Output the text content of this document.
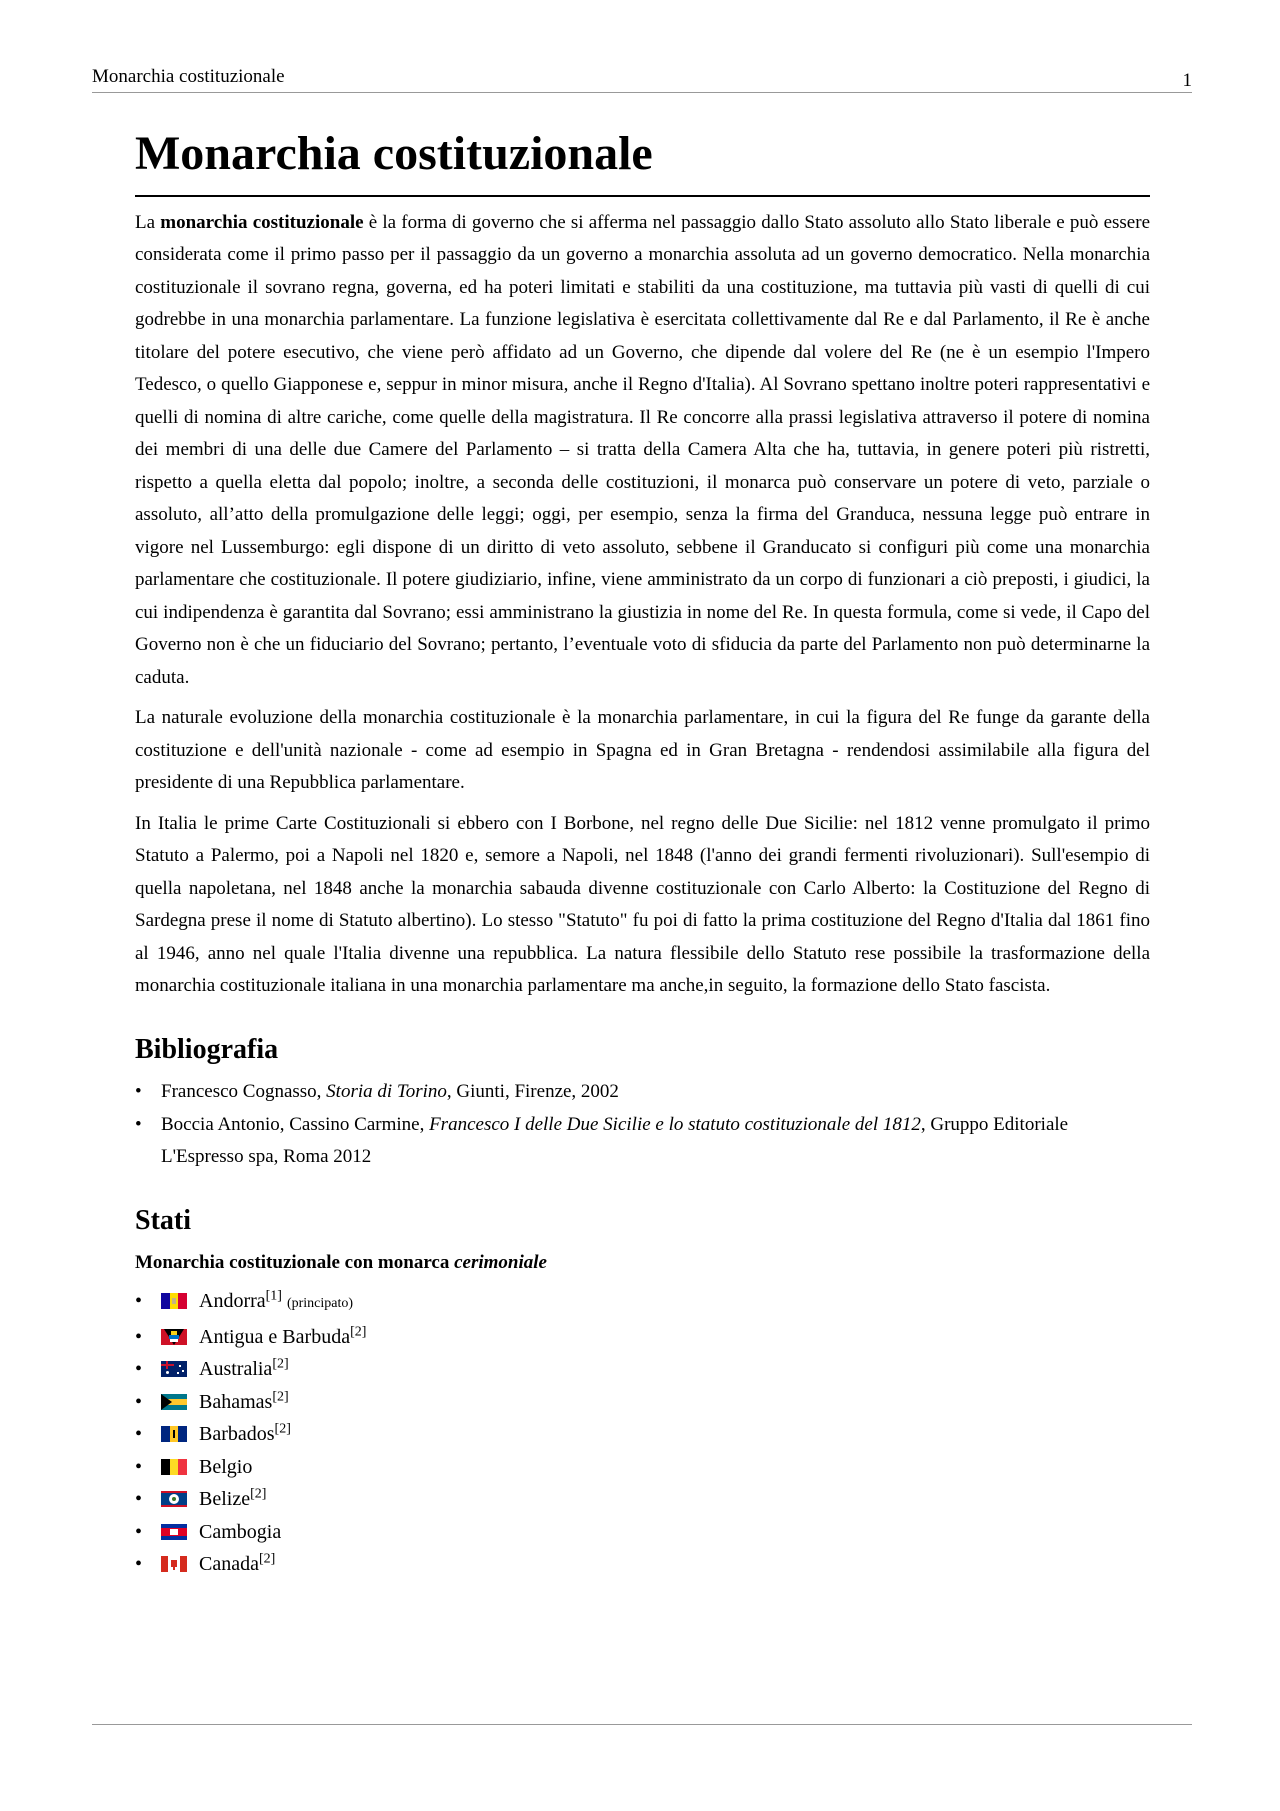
Monarchia costituzionale	1
Monarchia costituzionale

La monarchia costituzionale è la forma di governo che si afferma nel passaggio dallo Stato assoluto allo Stato liberale e può essere considerata come il primo passo per il passaggio da un governo a monarchia assoluta ad un governo democratico. Nella monarchia costituzionale il sovrano regna, governa, ed ha poteri limitati e stabiliti da una costituzione, ma tuttavia più vasti di quelli di cui godrebbe in una monarchia parlamentare. La funzione legislativa è esercitata collettivamente dal Re e dal Parlamento, il Re è anche titolare del potere esecutivo, che viene però affidato ad un Governo, che dipende dal volere del Re (ne è un esempio l'Impero Tedesco, o quello Giapponese e, seppur in minor misura, anche il Regno d'Italia). Al Sovrano spettano inoltre poteri rappresentativi e quelli di nomina di altre cariche, come quelle della magistratura. Il Re concorre alla prassi legislativa attraverso il potere di nomina dei membri di una delle due Camere del Parlamento – si tratta della Camera Alta che ha, tuttavia, in genere poteri più ristretti, rispetto a quella eletta dal popolo; inoltre, a seconda delle costituzioni, il monarca può conservare un potere di veto, parziale o assoluto, all’atto della promulgazione delle leggi; oggi, per esempio, senza la firma del Granduca, nessuna legge può entrare in vigore nel Lussemburgo: egli dispone di un diritto di veto assoluto, sebbene il Granducato si configuri più come una monarchia parlamentare che costituzionale. Il potere giudiziario, infine, viene amministrato da un corpo di funzionari a ciò preposti, i giudici, la cui indipendenza è garantita dal Sovrano; essi amministrano la giustizia in nome del Re. In questa formula, come si vede, il Capo del Governo non è che un fiduciario del Sovrano; pertanto, l’eventuale voto di sfiducia da parte del Parlamento non può determinarne la caduta.

La naturale evoluzione della monarchia costituzionale è la monarchia parlamentare, in cui la figura del Re funge da garante della costituzione e dell'unità nazionale - come ad esempio in Spagna ed in Gran Bretagna - rendendosi assimilabile alla figura del presidente di una Repubblica parlamentare.

In Italia le prime Carte Costituzionali si ebbero con I Borbone, nel regno delle Due Sicilie: nel 1812 venne promulgato il primo Statuto a Palermo, poi a Napoli nel 1820 e, semore a Napoli, nel 1848 (l'anno dei grandi fermenti rivoluzionari). Sull'esempio di quella napoletana, nel 1848 anche la monarchia sabauda divenne costituzionale con Carlo Alberto: la Costituzione del Regno di Sardegna prese il nome di Statuto albertino). Lo stesso "Statuto" fu poi di fatto la prima costituzione del Regno d'Italia dal 1861 fino al 1946, anno nel quale l'Italia divenne una repubblica. La natura flessibile dello Statuto rese possibile la trasformazione della monarchia costituzionale italiana in una monarchia parlamentare ma anche,in seguito, la formazione dello Stato fascista.

Bibliografia
• Francesco Cognasso, Storia di Torino, Giunti, Firenze, 2002
• Boccia Antonio, Cassino Carmine, Francesco I delle Due Sicilie e lo statuto costituzionale del 1812, Gruppo Editoriale L'Espresso spa, Roma 2012
Stati
Monarchia costituzionale con monarca cerimoniale
•	Andorra[1] (principato)
•	Antigua e Barbuda[2]
•	Australia[2]
•	Bahamas[2]
•	Barbados[2]
•	Belgio
•	Belize[2]
•	Cambogia
•	Canada[2]
